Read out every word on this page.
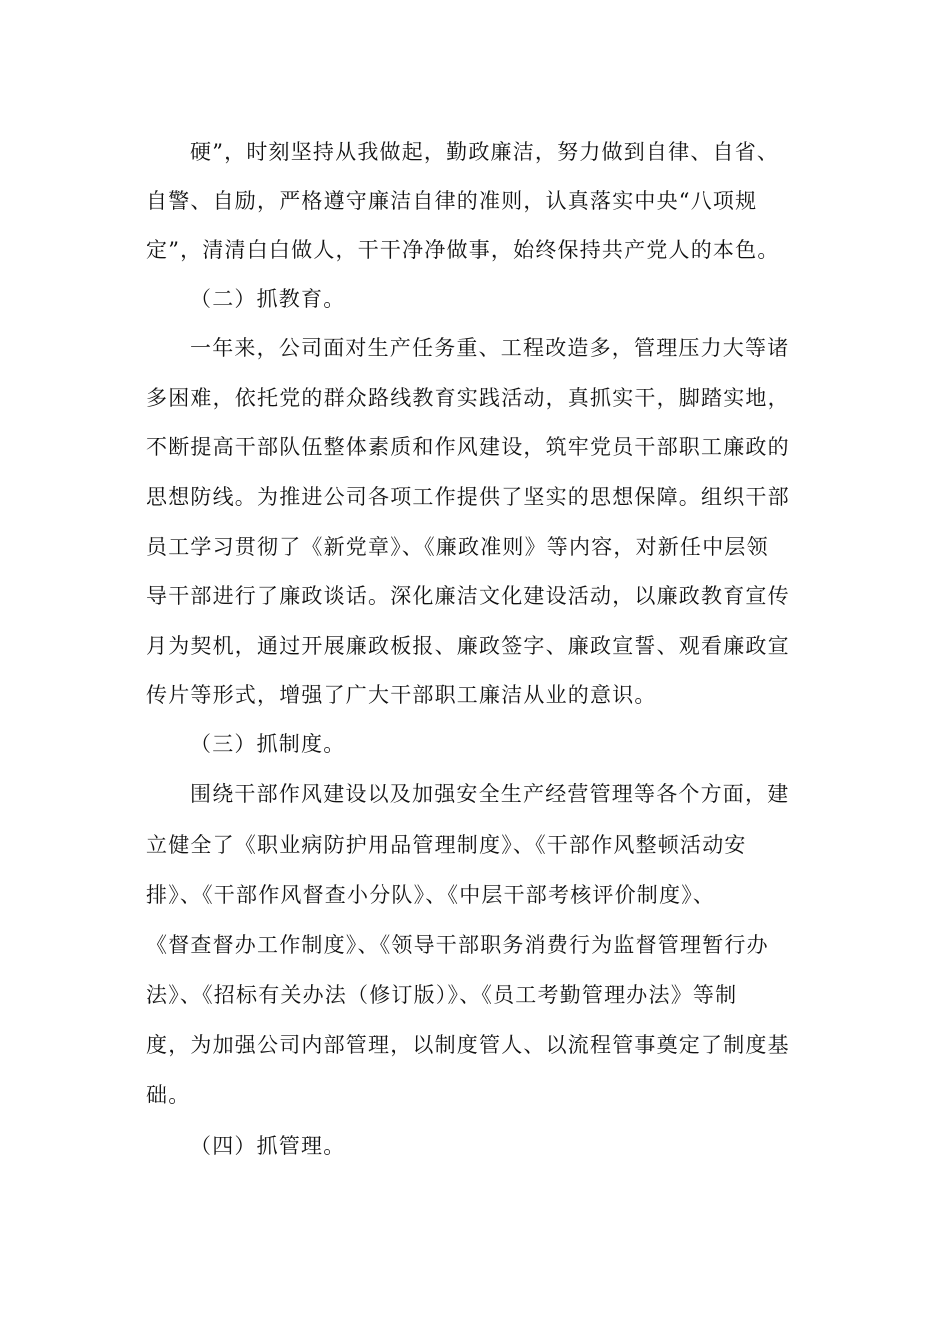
硬”，时刻坚持从我做起，勤政廉洁，努力做到自律、自省、
自警、自励，严格遵守廉洁自律的准则，认真落实中央“八项规
定”，清清白白做人，干干净净做事，始终保持共产党人的本色。
（二）抓教育。
一年来，公司面对生产任务重、工程改造多，管理压力大等诸
多困难，依托党的群众路线教育实践活动，真抓实干，脚踏实地，
不断提高干部队伍整体素质和作风建设，筑牢党员干部职工廉政的
思想防线。为推进公司各项工作提供了坚实的思想保障。组织干部
员工学习贯彻了《新党章》、《廉政准则》等内容，对新任中层领
导干部进行了廉政谈话。深化廉洁文化建设活动，以廉政教育宣传
月为契机，通过开展廉政板报、廉政签字、廉政宣誓、观看廉政宣
传片等形式，增强了广大干部职工廉洁从业的意识。
（三）抓制度。
围绕干部作风建设以及加强安全生产经营管理等各个方面，建
立健全了《职业病防护用品管理制度》、《干部作风整顿活动安
排》、《干部作风督查小分队》、《中层干部考核评价制度》、
《督查督办工作制度》、《领导干部职务消费行为监督管理暂行办
法》、《招标有关办法（修订版）》、《员工考勤管理办法》等制
度，为加强公司内部管理，以制度管人、以流程管事奠定了制度基
础。
（四）抓管理。
